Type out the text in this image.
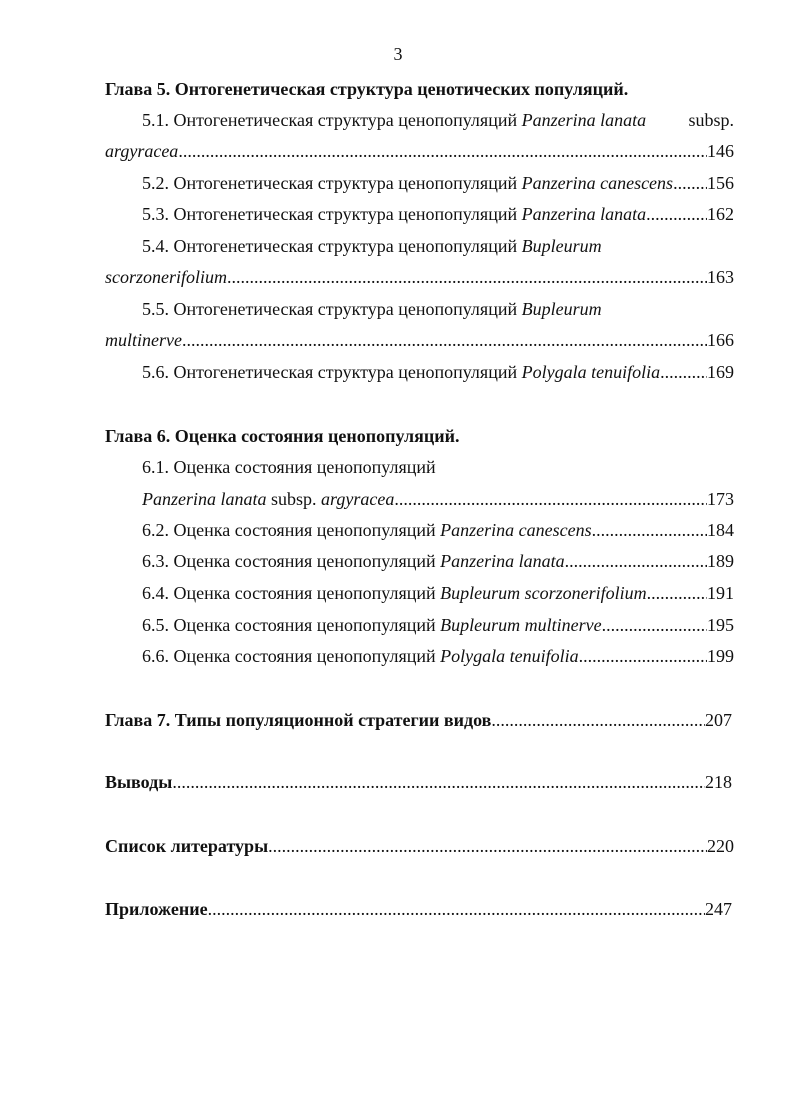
3
Глава 5. Онтогенетическая структура ценотических популяций.
5.1. Онтогенетическая структура ценопопуляций Panzerina lanata subsp.
argyracea .....	146
5.2. Онтогенетическая структура ценопопуляций Panzerina canescens ..... 156
5.3. Онтогенетическая структура ценопопуляций Panzerina lanata .....	162
5.4. Онтогенетическая структура ценопопуляций Bupleurum
scorzonerifolium .....	163
5.5. Онтогенетическая структура ценопопуляций Bupleurum
multinerve .....	166
5.6. Онтогенетическая структура ценопопуляций Polygala tenuifolia .....	169
Глава 6. Оценка состояния ценопопуляций.
6.1. Оценка состояния ценопопуляций
Panzerina lanata subsp. argyracea .....	173
6.2. Оценка состояния ценопопуляций Panzerina canescens .....	184
6.3. Оценка состояния ценопопуляций Panzerina lanata .....	189
6.4. Оценка состояния ценопопуляций Bupleurum scorzonerifolium .....	191
6.5. Оценка состояния ценопопуляций Bupleurum multinerve .....	195
6.6. Оценка состояния ценопопуляций Polygala tenuifolia .....	199
Глава 7. Типы популяционной стратегии видов .....	207
Выводы .....	218
Список литературы .....	220
Приложение .....	247
